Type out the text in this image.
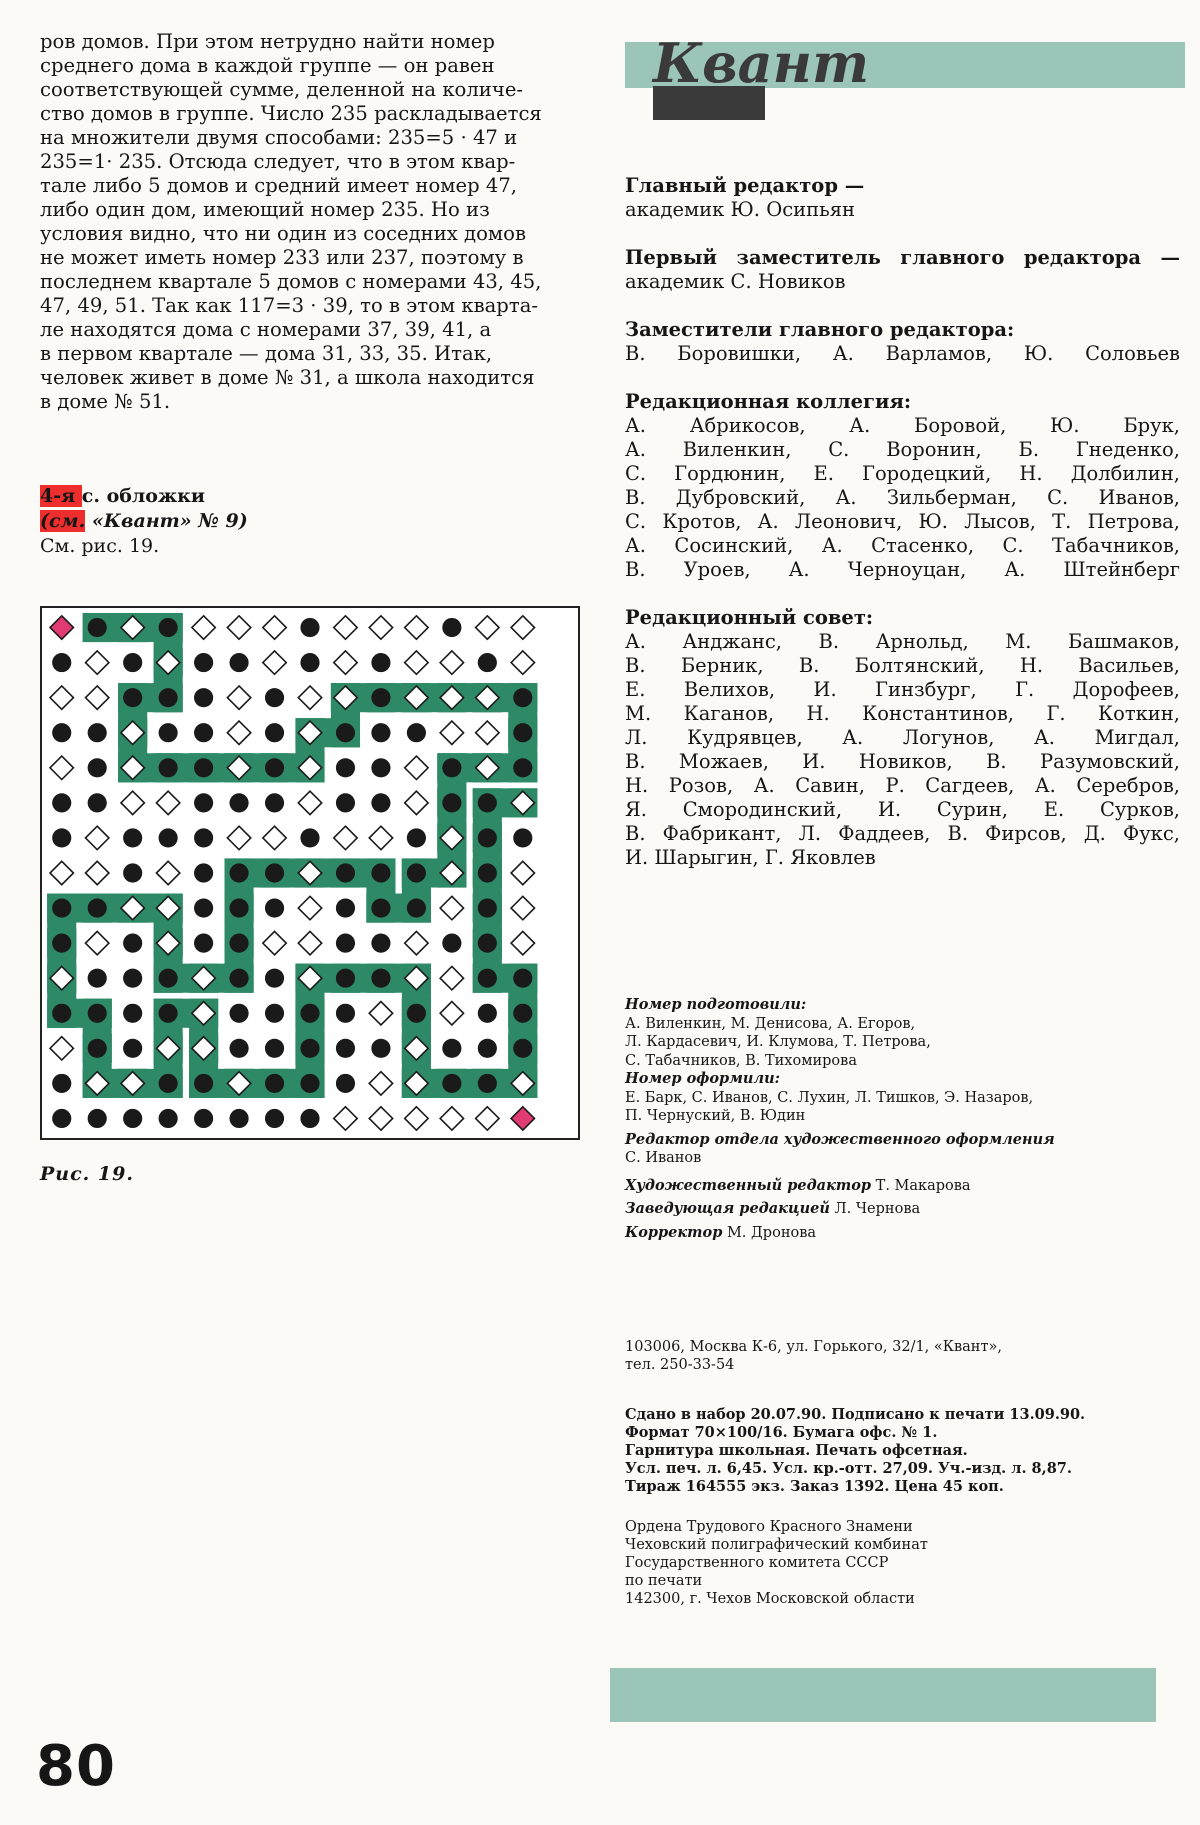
ров домов. При этом нетрудно найти номер

среднего дома в каждой группе — он равен

соответствующей сумме, деленной на количе-

ство домов в группе. Число 235 раскладывается

на множители двумя способами: 235=5 · 47 и

235=1· 235. Отсюда следует, что в этом квар-

тале либо 5 домов и средний имеет номер 47,

либо один дом, имеющий номер 235. Но из

условия видно, что ни один из соседних домов

не может иметь номер 233 или 237, поэтому в

последнем квартале 5 домов с номерами 43, 45,

47, 49, 51. Так как 117=3 · 39, то в этом кварта-

ле находятся дома с номерами 37, 39, 41, а

в первом квартале — дома 31, 33, 35. Итак,

человек живет в доме № 31, а школа находится

в доме № 51.

4-я с. обложки
(см. «Квант» № 9)
См. рис. 19.
Рис. 19.
Квант
Главный редактор —
академик Ю. Осипьян
Первый заместитель главного редактора —
академик С. Новиков
Заместители главного редактора:
В. Боровишки, А. Варламов, Ю. Соловьев
Редакционная коллегия:
А. Абрикосов, А. Боровой, Ю. Брук,
А. Виленкин, С. Воронин, Б. Гнеденко,
С. Гордюнин, Е. Городецкий, Н. Долбилин,
В. Дубровский, А. Зильберман, С. Иванов,
С. Кротов, А. Леонович, Ю. Лысов, Т. Петрова,
А. Сосинский, А. Стасенко, С. Табачников,
В. Уроев, А. Черноуцан, А. Штейнберг
Редакционный совет:
А. Анджанс, В. Арнольд, М. Башмаков,
В. Берник, В. Болтянский, Н. Васильев,
Е. Велихов, И. Гинзбург, Г. Дорофеев,
М. Каганов, Н. Константинов, Г. Коткин,
Л. Кудрявцев, А. Логунов, А. Мигдал,
В. Можаев, И. Новиков, В. Разумовский,
Н. Розов, А. Савин, Р. Сагдеев, А. Серебров,
Я. Смородинский, И. Сурин, Е. Сурков,
В. Фабрикант, Л. Фаддеев, В. Фирсов, Д. Фукс,
И. Шарыгин, Г. Яковлев
Номер подготовили:
А. Виленкин, М. Денисова, А. Егоров,
Л. Кардасевич, И. Клумова, Т. Петрова,
С. Табачников, В. Тихомирова
Номер оформили:
Е. Барк, С. Иванов, С. Лухин, Л. Тишков, Э. Назаров,
П. Чернуский, В. Юдин
Редактор отдела художественного оформления
С. Иванов
Художественный редактор Т. Макарова
Заведующая редакцией Л. Чернова
Корректор М. Дронова
103006, Москва К-6, ул. Горького, 32/1, «Квант»,
тел. 250-33-54
Сдано в набор 20.07.90. Подписано к печати 13.09.90.
Формат 70×100/16. Бумага офс. № 1.
Гарнитура школьная. Печать офсетная.
Усл. печ. л. 6,45. Усл. кр.-отт. 27,09. Уч.-изд. л. 8,87.
Тираж 164555 экз. Заказ 1392. Цена 45 коп.
Ордена Трудового Красного Знамени
Чеховский полиграфический комбинат
Государственного комитета СССР
по печати
142300, г. Чехов Московской области
80
